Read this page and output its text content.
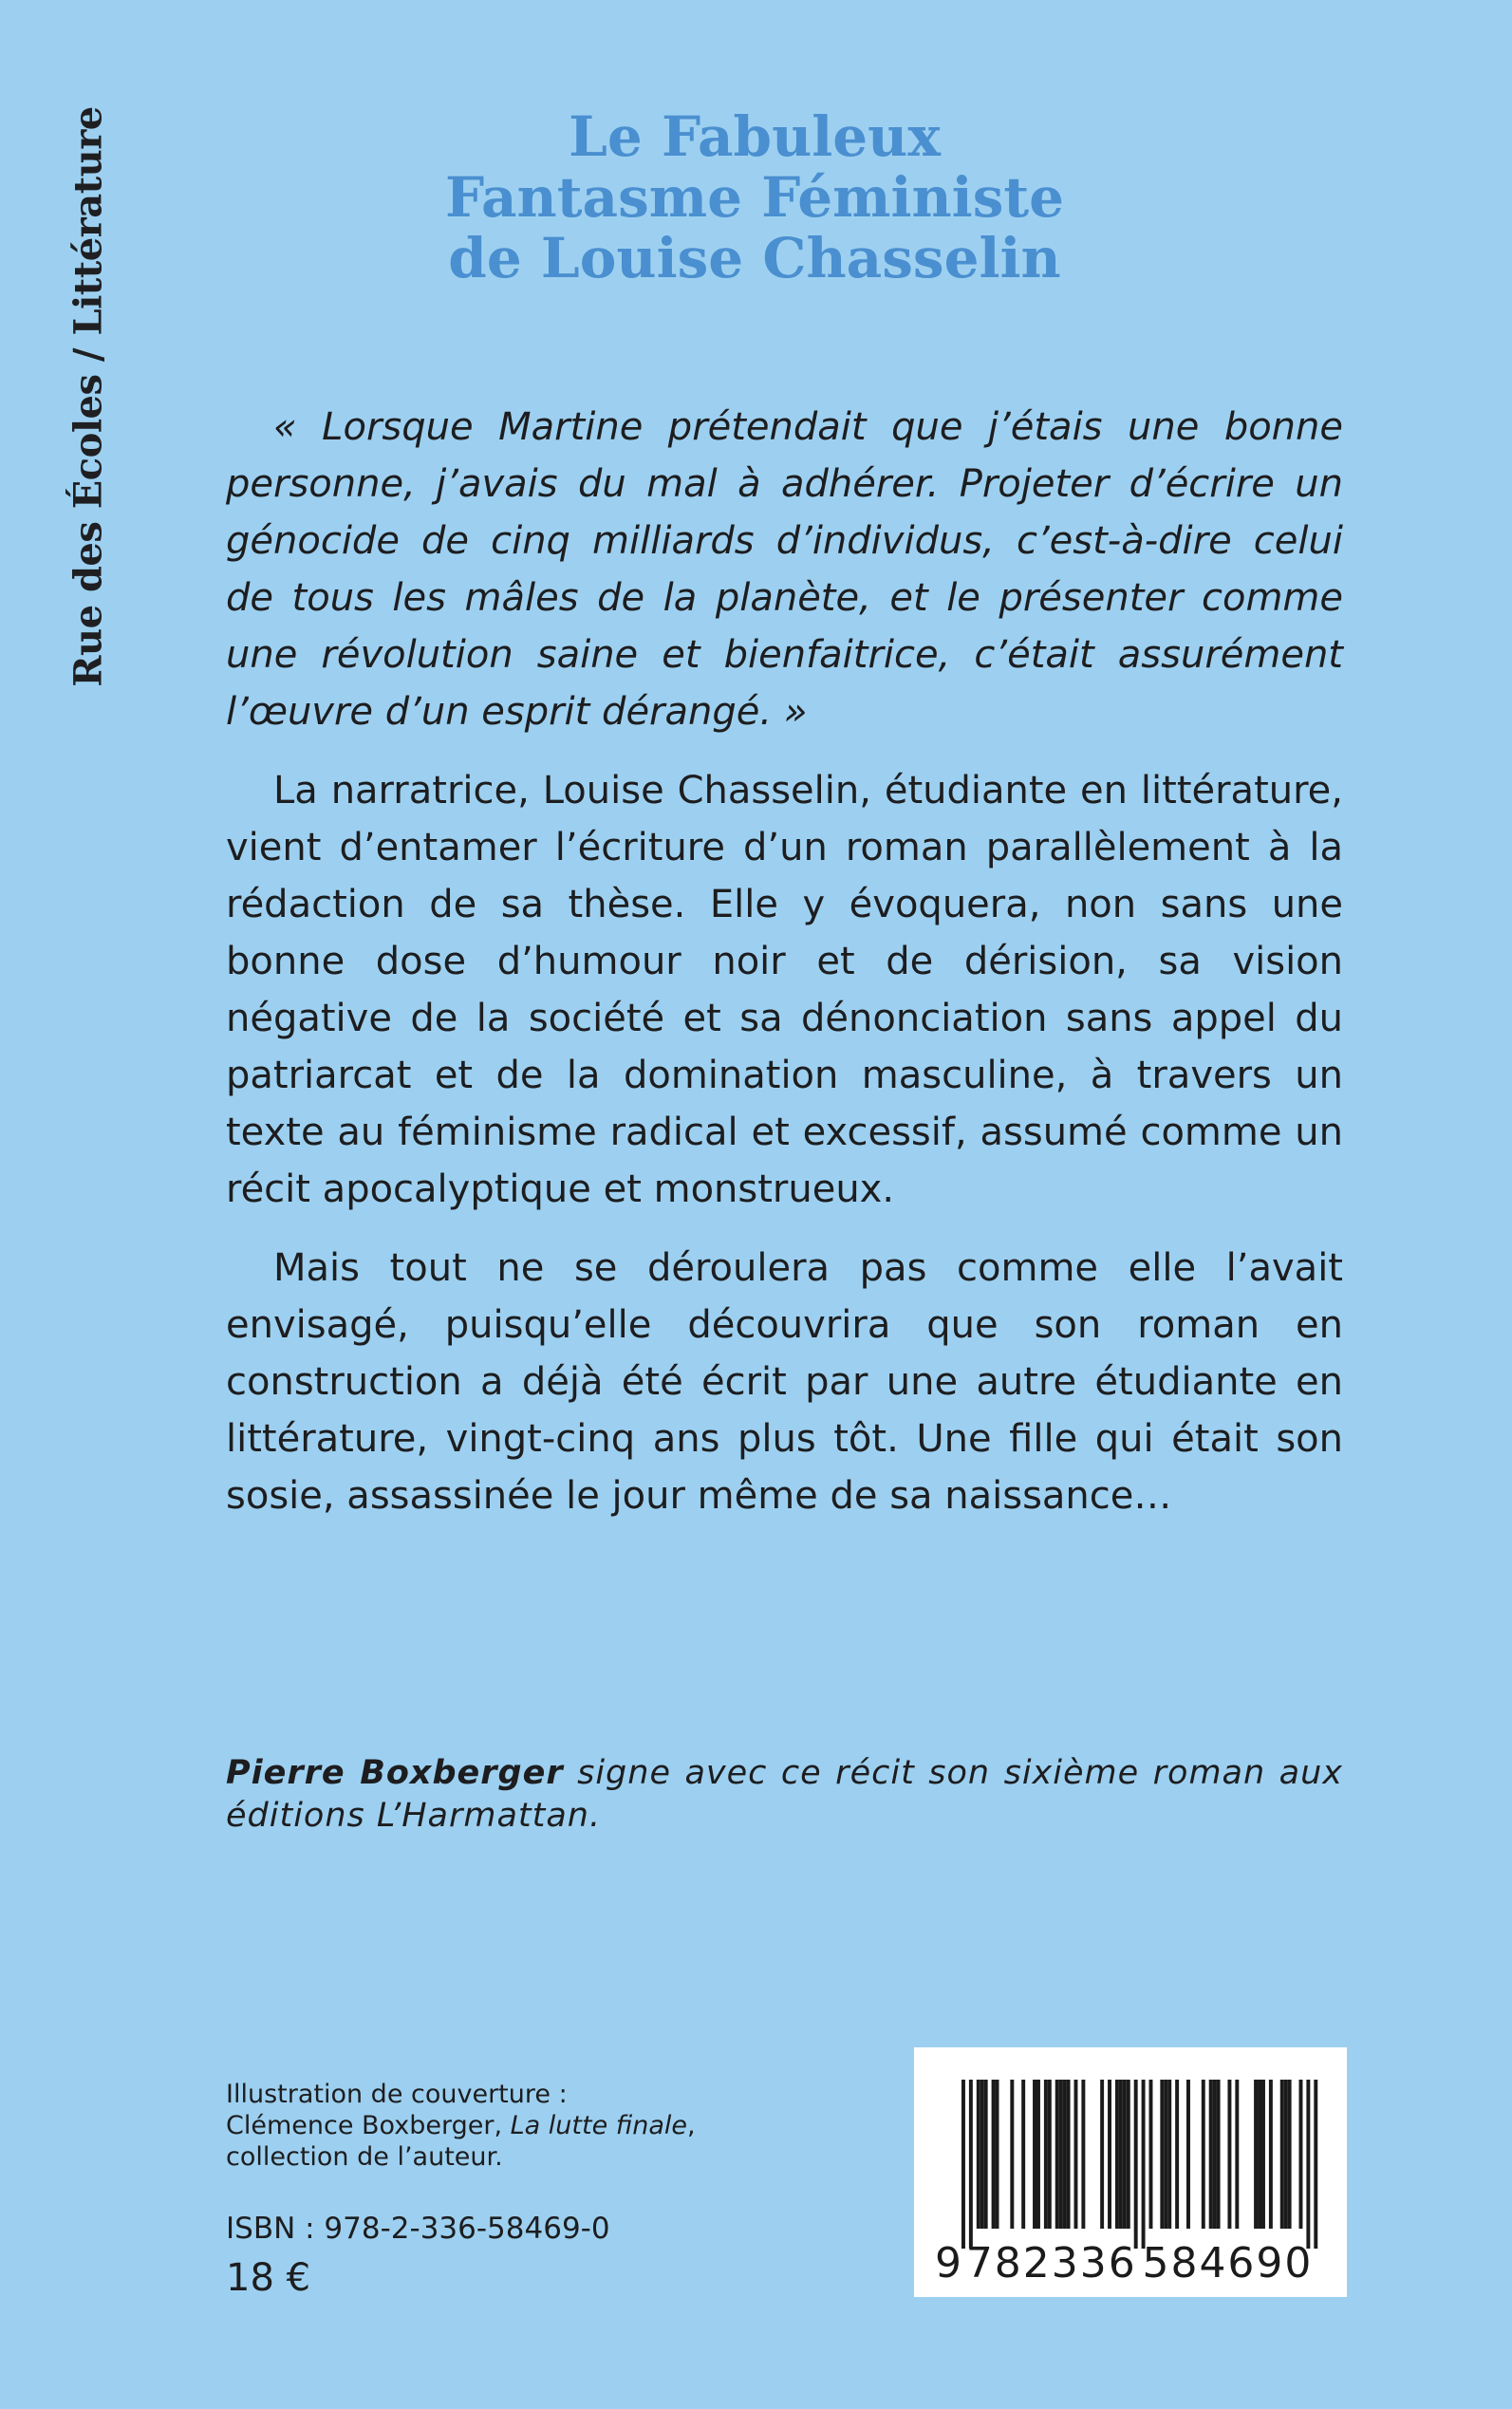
Rue des Écoles / Littérature	Le Fabuleux
Fantasme Féministe
de Louise Chasselin

« Lorsque Martine prétendait que j’étais une bonne personne, j’avais du mal à adhérer. Projeter d’écrire un génocide de cinq milliards d’individus, c’est-à-dire celui de tous les mâles de la planète, et le présenter comme une révolution saine et bienfaitrice, c’était assurément l’œuvre d’un esprit dérangé. »

La narratrice, Louise Chasselin, étudiante en littérature, vient d’entamer l’écriture d’un roman parallèlement à la rédaction de sa thèse. Elle y évoquera, non sans une bonne dose d’humour noir et de dérision, sa vision négative de la société et sa dénonciation sans appel du patriarcat et de la domination masculine, à travers un texte au féminisme radical et excessif, assumé comme un récit apocalyptique et monstrueux.

Mais tout ne se déroulera pas comme elle l’avait envisagé, puisqu’elle découvrira que son roman en construction a déjà été écrit par une autre étudiante en littérature, vingt-cinq ans plus tôt. Une fille qui était son sosie, assassinée le jour même de sa naissance…

Pierre Boxberger signe avec ce récit son sixième roman aux éditions L’Harmattan.
Illustration de couverture :
Clémence Boxberger, La lutte finale,
collection de l’auteur.
ISBN : 978-2-336-58469-0
18 €	9 782336 584690
